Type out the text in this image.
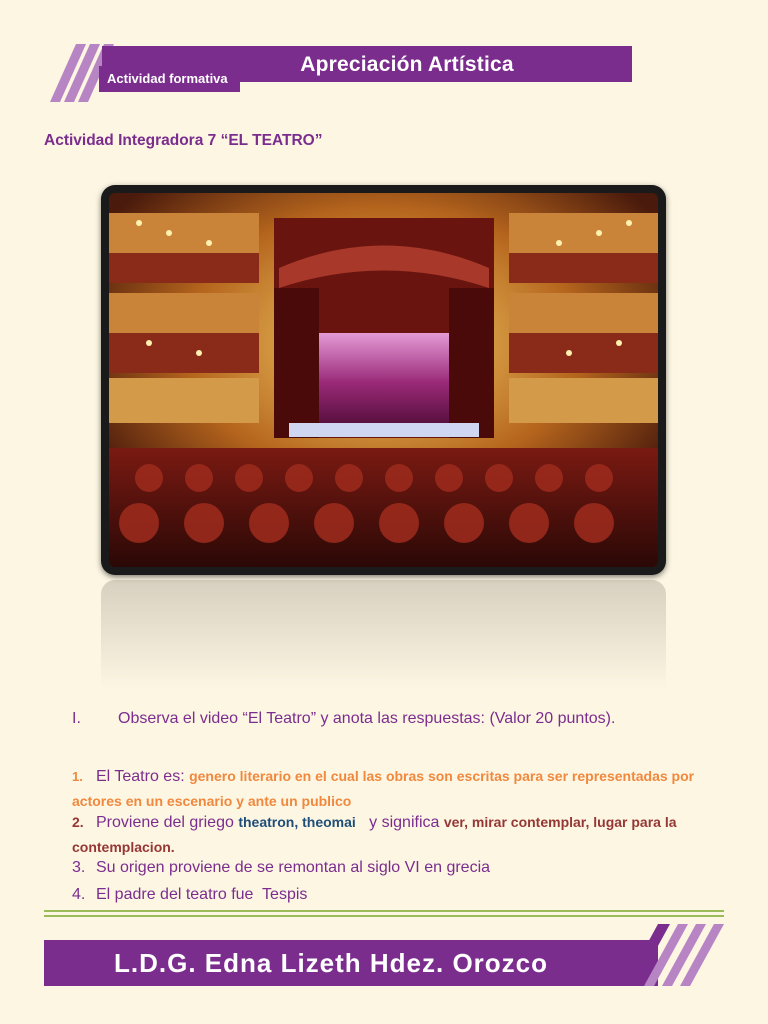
Apreciación Artística
Actividad formativa
Actividad Integradora 7 “EL TEATRO”
I. Observa el video “El Teatro” y anota las respuestas: (Valor 20 puntos).
1. El Teatro es: genero literario en el cual las obras son escritas para ser representadas por actores en un escenario y ante un publico
2. Proviene del griego theatron, theomai y significa ver, mirar contemplar, lugar para la contemplacion.
3. Su origen proviene de se remontan al siglo VI en grecia
4. El padre del teatro fue  Tespis
L.D.G. Edna Lizeth Hdez. Orozco
